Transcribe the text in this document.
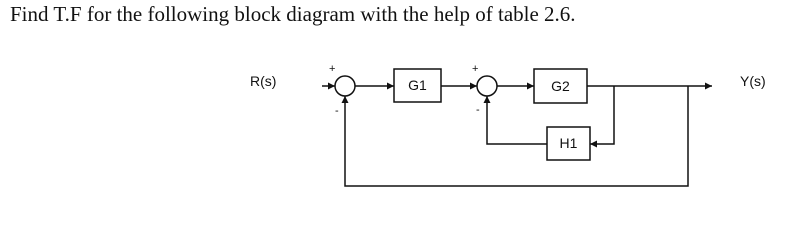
Find T.F for the following block diagram with the help of table 2.6.

R(s)	Y(s)
+
-
G1
+
-
G2
H1
